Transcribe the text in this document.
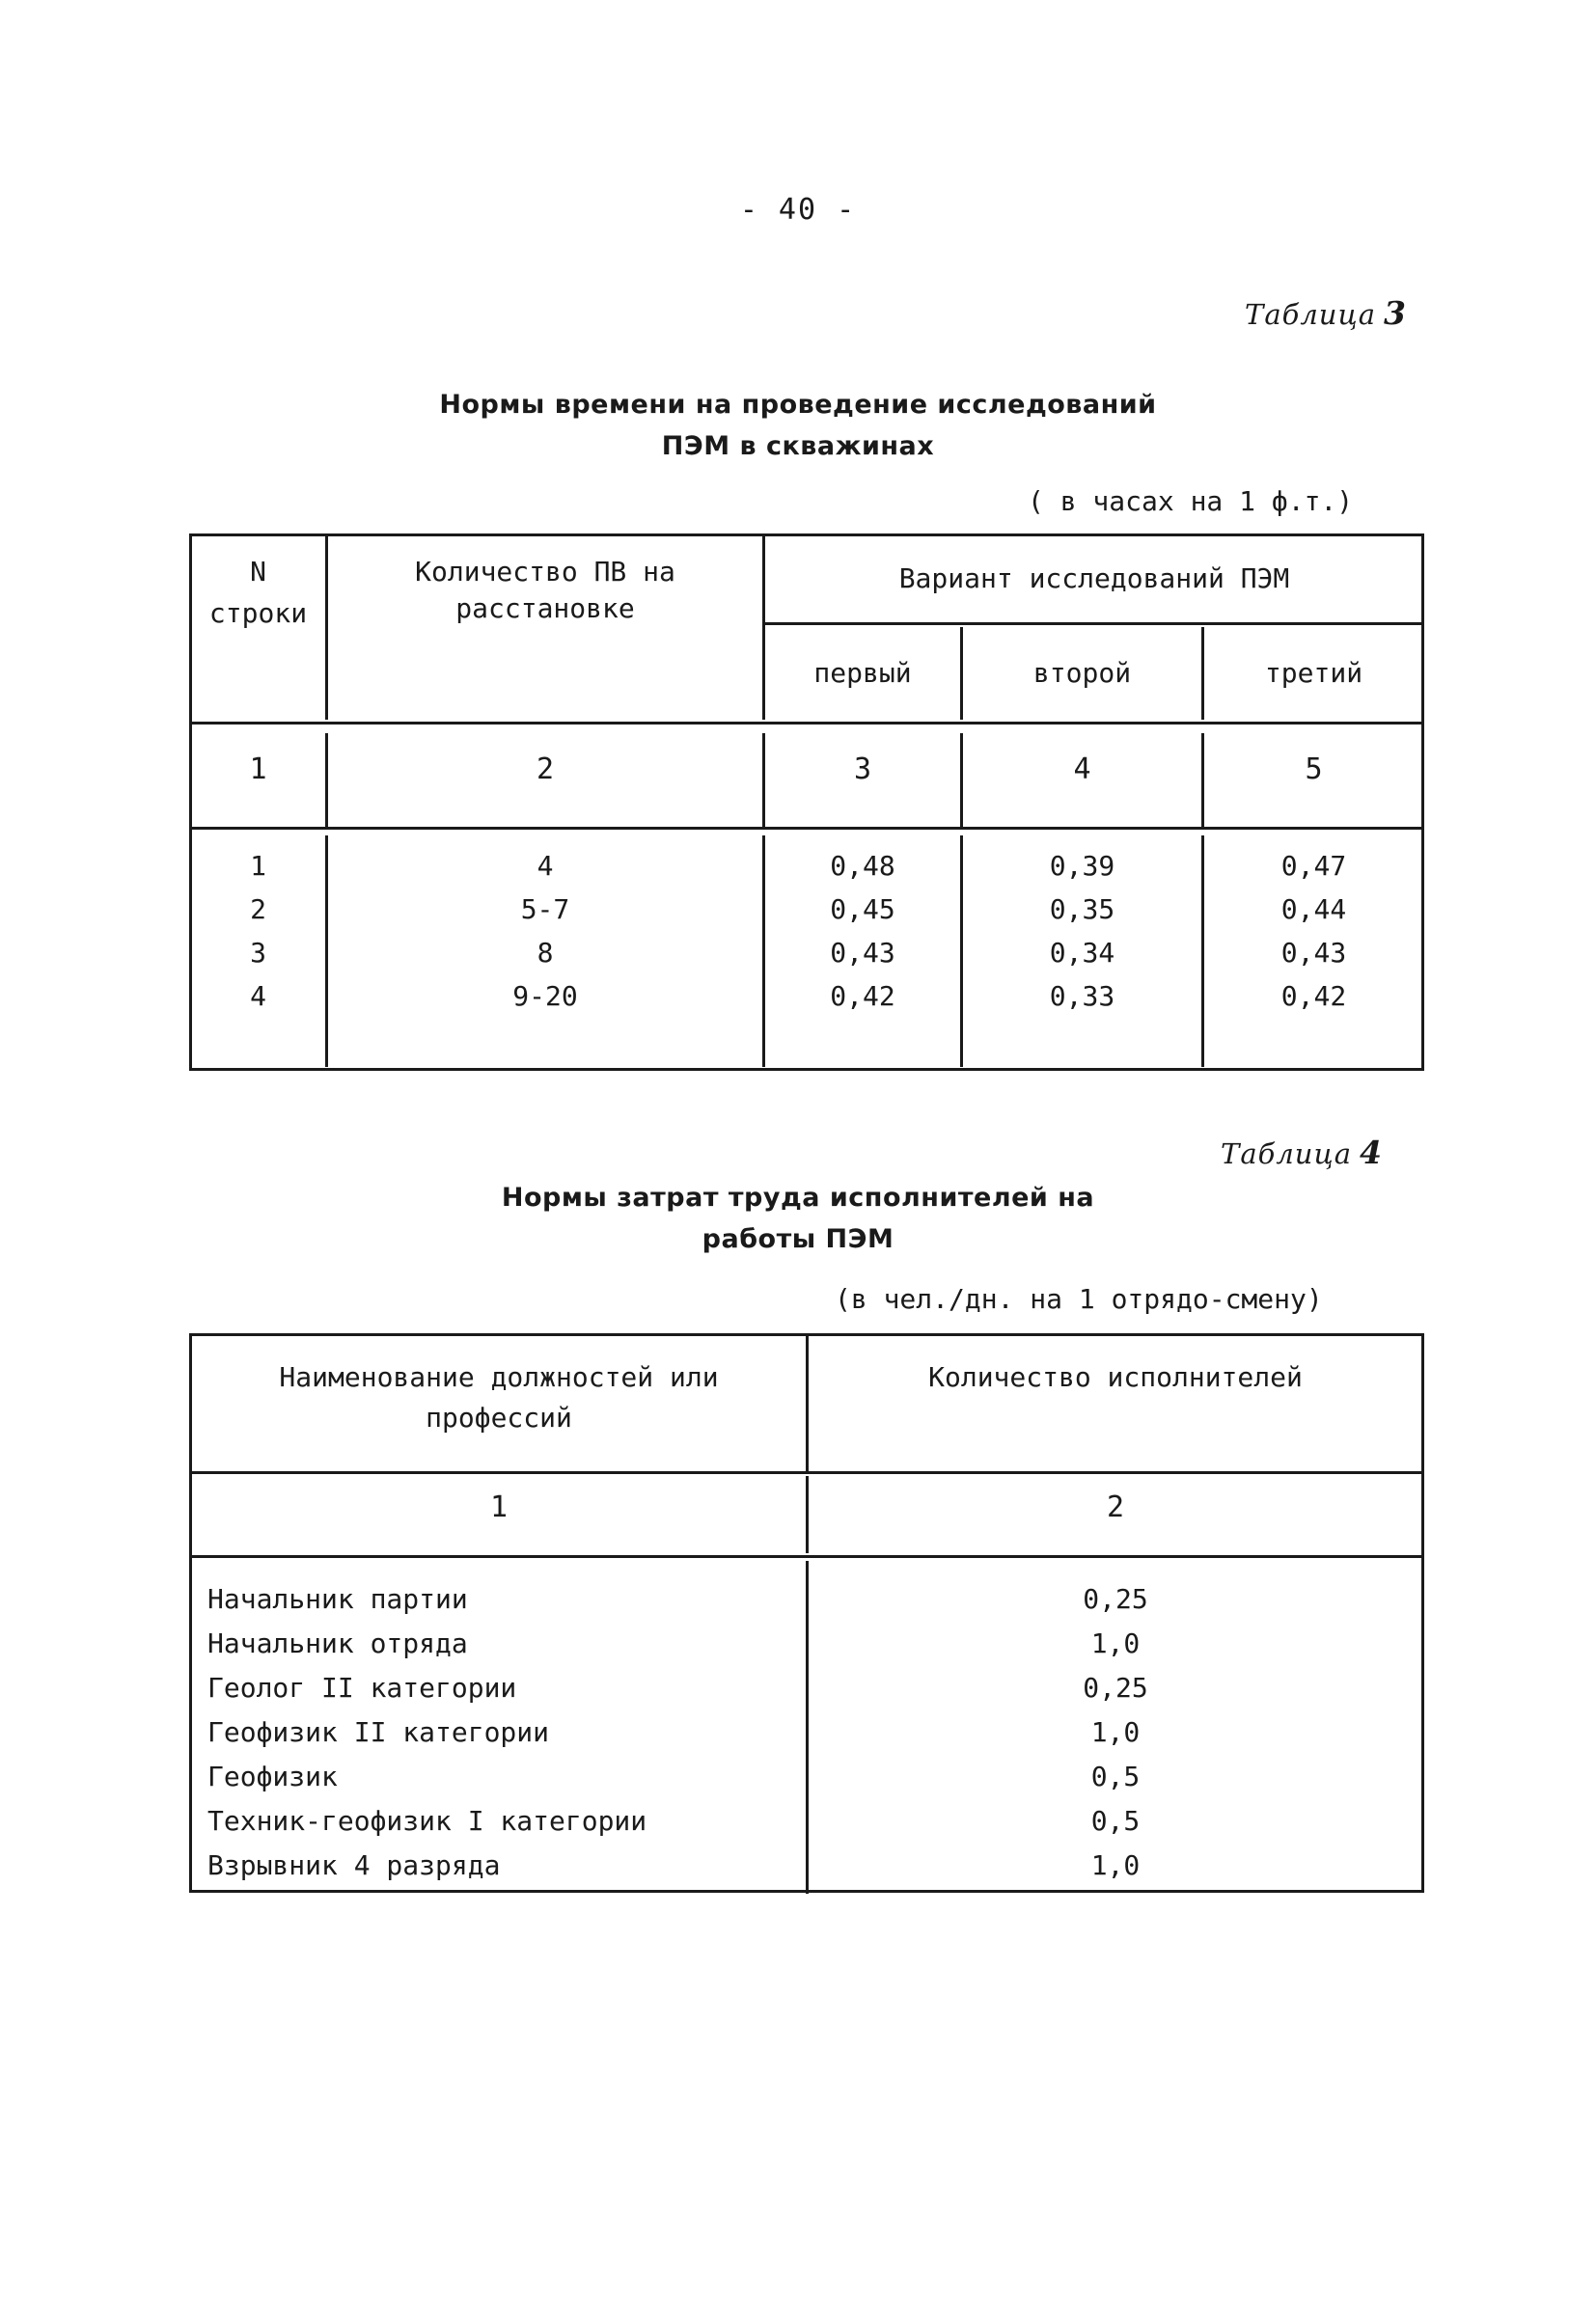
- 40 -
Таблица 3
Нормы времени на проведение исследований
ПЭМ в скважинах
( в часах на 1 ф.т.)
N
строки
Количество ПВ на
расстановке
Вариант исследований ПЭМ
первый	второй	третий
1	2	3	4	5
1	4	0,48	0,39	0,47
2	5-7	0,45	0,35	0,44
3	8	0,43	0,34	0,43
4	9-20	0,42	0,33	0,42
Таблица 4
Нормы затрат труда исполнителей на
работы ПЭМ
(в чел./дн. на 1 отрядо-смену)
Наименование должностей или
профессий
Количество исполнителей
1	2
Начальник партии	0,25
Начальник отряда	1,0
Геолог II категории	0,25
Геофизик II категории	1,0
Геофизик	0,5
Техник-геофизик I категории	0,5
Взрывник 4 разряда	1,0
